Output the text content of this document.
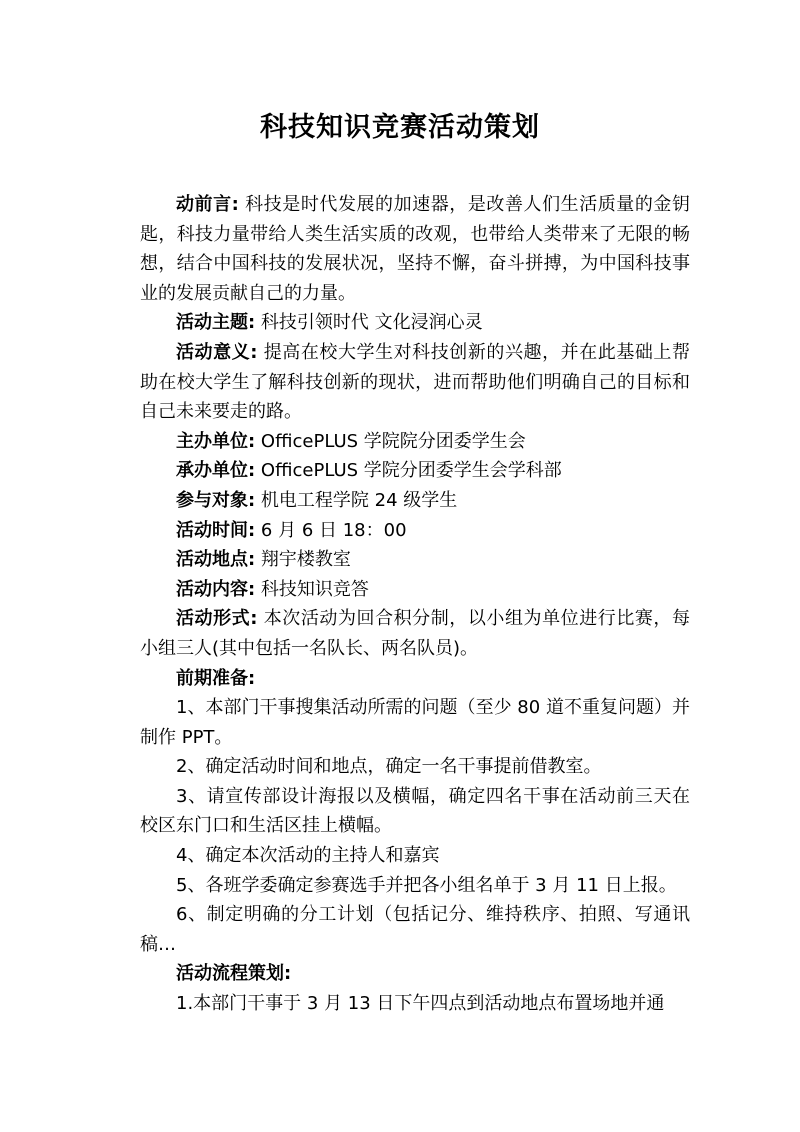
科技知识竞赛活动策划

动前言: 科技是时代发展的加速器，是改善人们生活质量的金钥匙，科技力量带给人类生活实质的改观，也带给人类带来了无限的畅想，结合中国科技的发展状况，坚持不懈，奋斗拼搏，为中国科技事业的发展贡献自己的力量。

活动主题: 科技引领时代 文化浸润心灵

活动意义: 提高在校大学生对科技创新的兴趣，并在此基础上帮助在校大学生了解科技创新的现状，进而帮助他们明确自己的目标和自己未来要走的路。

主办单位: OfficePLUS 学院院分团委学生会

承办单位: OfficePLUS 学院分团委学生会学科部

参与对象: 机电工程学院 24 级学生

活动时间: 6 月 6 日 18：00

活动地点: 翔宇楼教室

活动内容: 科技知识竞答

活动形式: 本次活动为回合积分制，以小组为单位进行比赛，每小组三人(其中包括一名队长、两名队员)。

前期准备:

1、本部门干事搜集活动所需的问题（至少 80 道不重复问题）并制作 PPT。

2、确定活动时间和地点，确定一名干事提前借教室。

3、请宣传部设计海报以及横幅，确定四名干事在活动前三天在校区东门口和生活区挂上横幅。

4、确定本次活动的主持人和嘉宾

5、各班学委确定参赛选手并把各小组名单于 3 月 11 日上报。

6、制定明确的分工计划（包括记分、维持秩序、拍照、写通讯稿…

活动流程策划:

1.本部门干事于 3 月 13 日下午四点到活动地点布置场地并通
